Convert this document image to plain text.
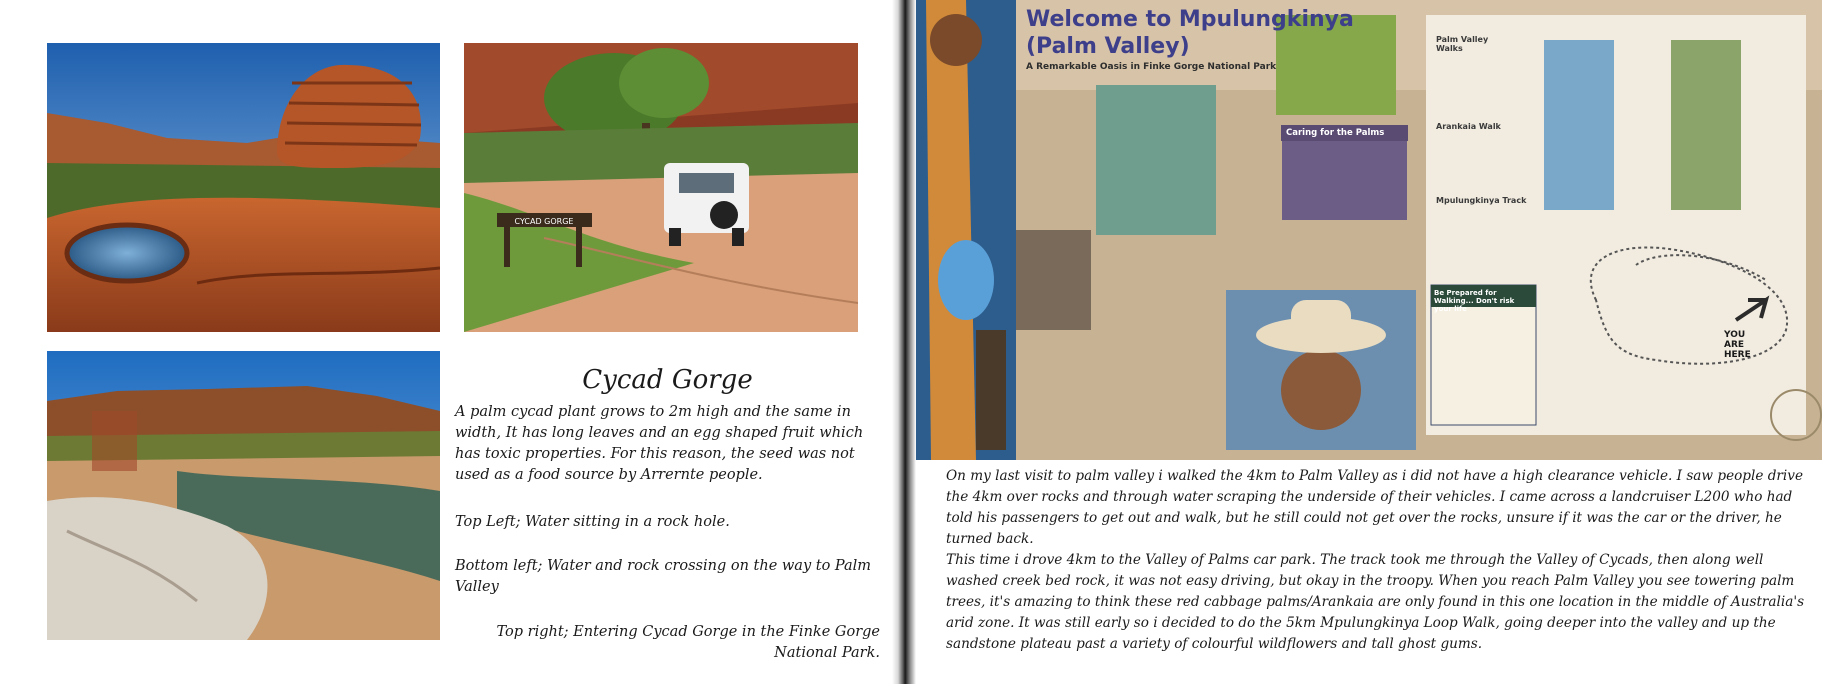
CYCAD GORGE
Cycad Gorge

A palm cycad plant grows to 2m high and the same in width, It has long leaves and an egg shaped fruit which has toxic properties. For this reason, the seed was not used as a food source by Arrernte people.

Top Left; Water sitting in a rock hole.

Bottom left; Water and rock crossing on the way to Palm Valley

Top right; Entering Cycad Gorge in the Finke Gorge National Park.

Welcome to Mpulungkinya
(Palm Valley)
A Remarkable Oasis in Finke Gorge National Park
Caring for the Palms
Palm Valley Walks
Arankaia Walk
Mpulungkinya Track
Be Prepared for Walking... Don't risk your life
YOU ARE HERE

On my last visit to palm valley i walked the 4km to Palm Valley as i did not have a high clearance vehicle. I saw people drive the 4km over rocks and through water scraping the underside of their vehicles. I came across a landcruiser L200 who had told his passengers to get out and walk, but he still could not get over the rocks, unsure if it was the car or the driver, he turned back.
This time i drove 4km to the Valley of Palms car park. The track took me through the Valley of Cycads, then along well washed creek bed rock, it was not easy driving, but okay in the troopy. When you reach Palm Valley you see towering palm trees, it's amazing to think these red cabbage palms/Arankaia are only found in this one location in the middle of Australia's arid zone. It was still early so i decided to do the 5km Mpulungkinya Loop Walk, going deeper into the valley and up the sandstone plateau past a variety of colourful wildflowers and tall ghost gums.
